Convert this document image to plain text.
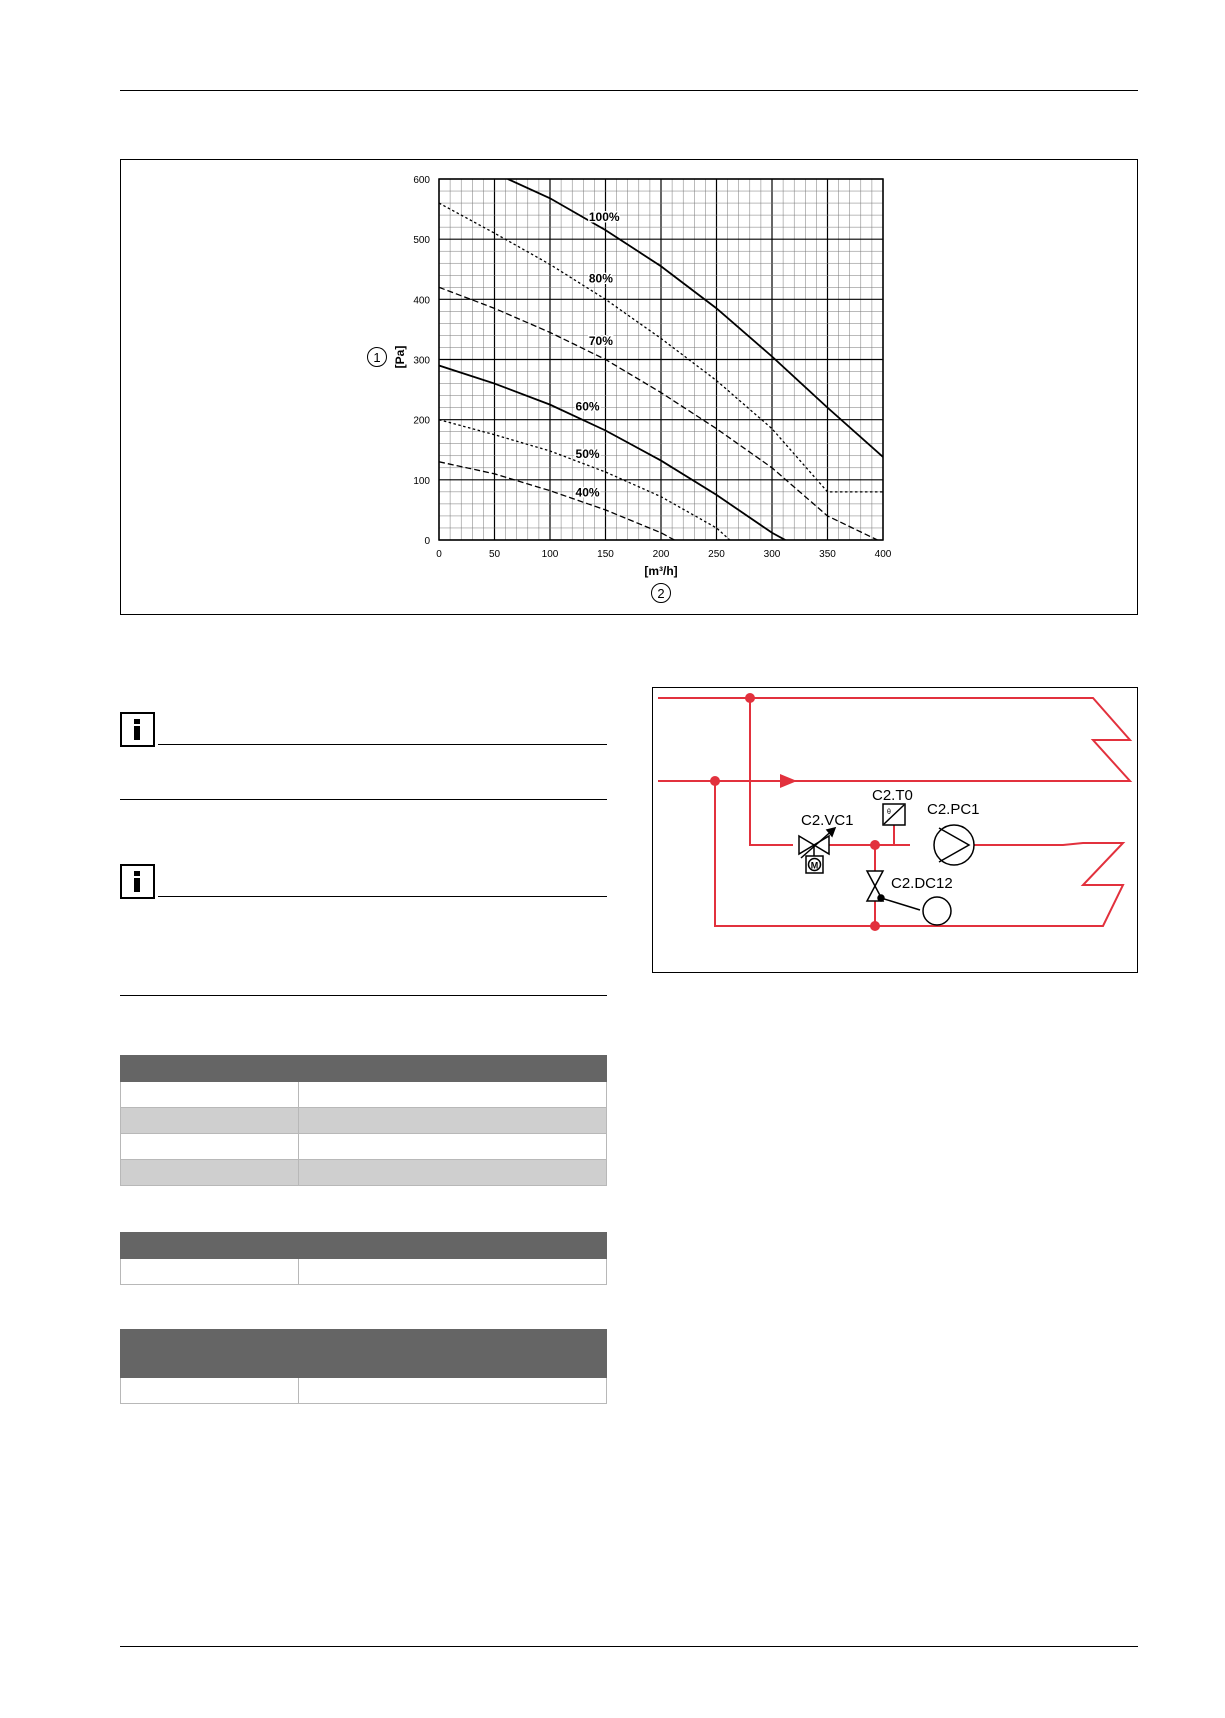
0	50	100	150	200	250	300	350	400
0
100
200
300
400
500
600
[m³/h]
[Pa]
1
2
100%
80%
70%
60%
50%
40%
M
θ
C2.T0
C2.VC1
C2.PC1
C2.DC12
